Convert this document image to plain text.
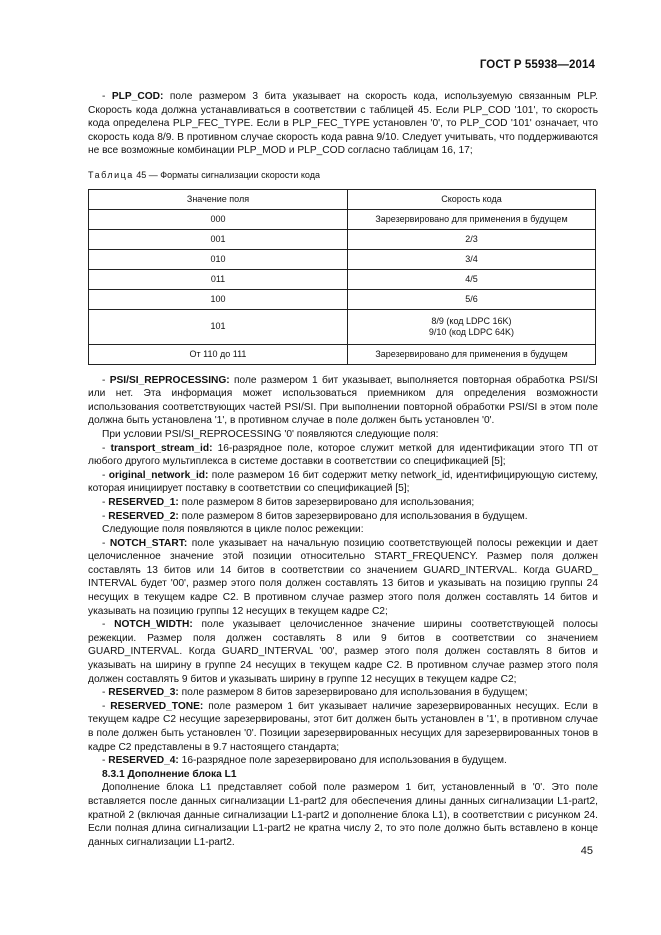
ГОСТ Р 55938—2014

- PLP_COD: поле размером 3 бита указывает на скорость кода, используемую связанным PLP. Скорость кода должна устанавливаться в соответствии с таблицей 45. Если PLP_COD '101', то скорость кода определена PLP_FEC_TYPE. Если в PLP_FEC_TYPE установлен '0', то PLP_COD '101' означает, что скорость кода 8/9. В противном случае скорость кода равна 9/10. Следует учитывать, что поддерживаются не все возможные комбинации PLP_MOD и PLP_COD согласно таблицам 16, 17;

Таблица 45 — Форматы сигнализации скорости кода

Значение поля	Скорость кода
000	Зарезервировано для применения в будущем
001	2/3
010	3/4
011	4/5
100	5/6
101	8/9 (код LDPC 16K)
9/10 (код LDPC 64K)

От 110 до 111	Зарезервировано для применения в будущем

- PSI/SI_REPROCESSING: поле размером 1 бит указывает, выполняется повторная обработка PSI/SI или нет. Эта информация может использоваться приемником для определения возможности использования соответствующих частей PSI/SI. При выполнении повторной обработки PSI/SI в этом поле должна быть установлена '1', в противном случае в поле должен быть установлен '0'.

При условии PSI/SI_REPROCESSING '0' появляются следующие поля:

- transport_stream_id: 16-разрядное поле, которое служит меткой для идентификации этого ТП от любого другого мультиплекса в системе доставки в соответствии со спецификацией [5];

- original_network_id: поле размером 16 бит содержит метку network_id, идентифицирующую систему, которая инициирует поставку в соответствии со спецификацией [5];

- RESERVED_1: поле размером 8 битов зарезервировано для использования;

- RESERVED_2: поле размером 8 битов зарезервировано для использования в будущем.

Следующие поля появляются в цикле полос режекции:

- NOTCH_START: поле указывает на начальную позицию соответствующей полосы режекции и дает целочисленное значение этой позиции относительно START_FREQUENCY. Размер поля должен составлять 13 битов или 14 битов в соответствии со значением GUARD_INTERVAL. Когда GUARD_ INTERVAL будет '00', размер этого поля должен составлять 13 битов и указывать на позицию группы 24 несущих в текущем кадре С2. В противном случае размер этого поля должен составлять 14 битов и указывать на позицию группы 12 несущих в текущем кадре С2;

- NOTCH_WIDTH: поле указывает целочисленное значение ширины соответствующей полосы режекции. Размер поля должен составлять 8 или 9 битов в соответствии со значением GUARD_INTERVAL. Когда GUARD_INTERVAL '00', размер этого поля должен составлять 8 битов и указывать на ширину в группе 24 несущих в текущем кадре С2. В противном случае размер этого поля должен составлять 9 битов и указывать ширину в группе 12 несущих в текущем кадре С2;

- RESERVED_3: поле размером 8 битов зарезервировано для использования в будущем;

- RESERVED_TONE: поле размером 1 бит указывает наличие зарезервированных несущих. Если в текущем кадре С2 несущие зарезервированы, этот бит должен быть установлен в '1', в противном случае в поле должен быть установлен '0'. Позиции зарезервированных несущих для зарезервированных тонов в кадре С2 представлены в 9.7 настоящего стандарта;

- RESERVED_4: 16-разрядное поле зарезервировано для использования в будущем.

8.3.1 Дополнение блока L1

Дополнение блока L1 представляет собой поле размером 1 бит, установленный в '0'. Это поле вставляется после данных сигнализации L1-part2 для обеспечения длины данных сигнализации L1-part2, кратной 2 (включая данные сигнализации L1-part2 и дополнение блока L1), в соответствии с рисунком 24. Если полная длина сигнализации L1-part2 не кратна числу 2, то это поле должно быть вставлено в конце данных сигнализации L1-part2.

45
